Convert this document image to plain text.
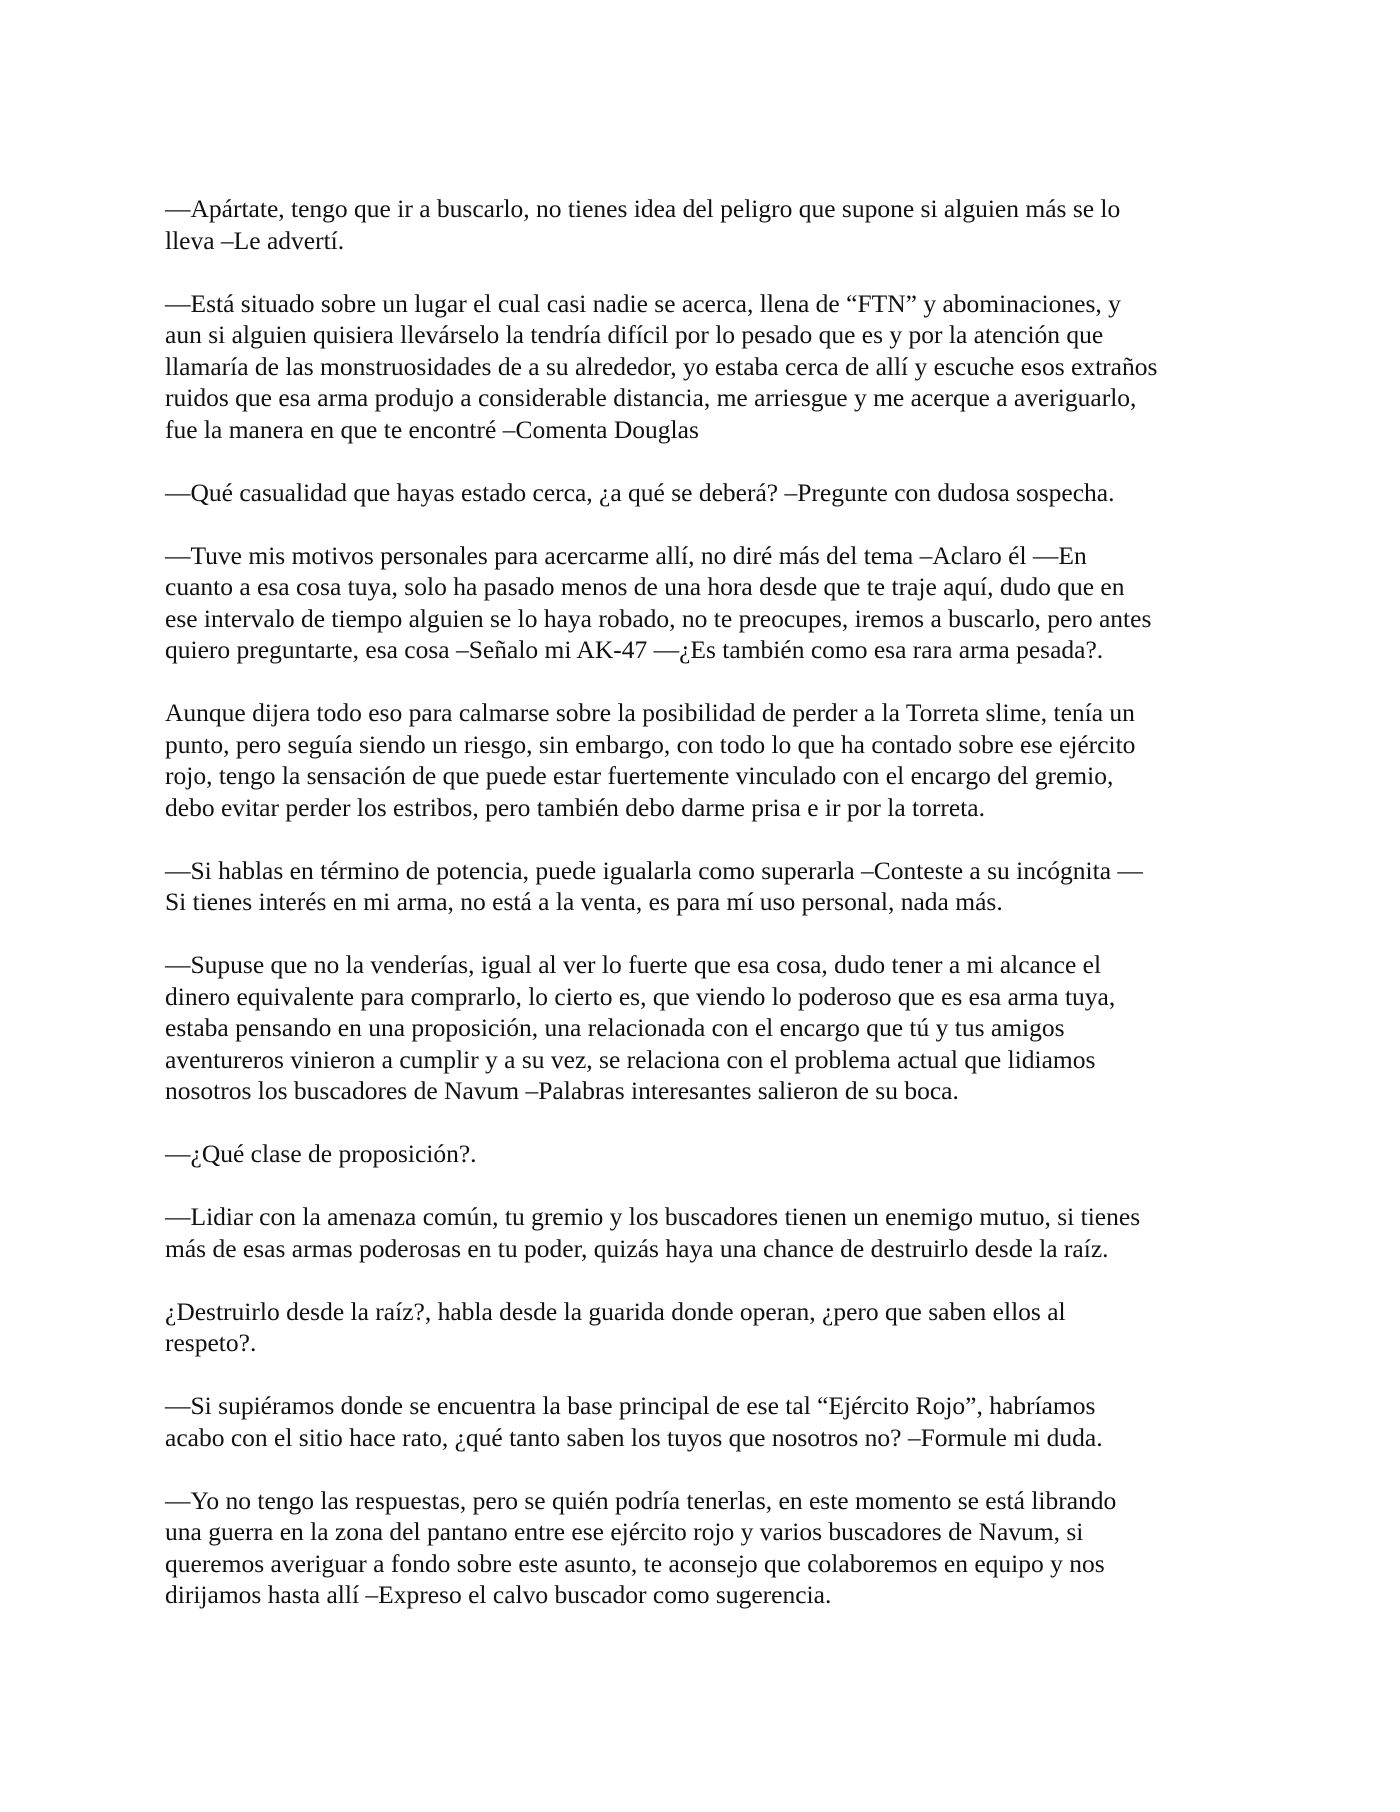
—Apártate, tengo que ir a buscarlo, no tienes idea del peligro que supone si alguien más se lo
lleva –Le advertí.

—Está situado sobre un lugar el cual casi nadie se acerca, llena de “FTN” y abominaciones, y
aun si alguien quisiera llevárselo la tendría difícil por lo pesado que es y por la atención que
llamaría de las monstruosidades de a su alrededor, yo estaba cerca de allí y escuche esos extraños
ruidos que esa arma produjo a considerable distancia, me arriesgue y me acerque a averiguarlo,
fue la manera en que te encontré –Comenta Douglas

—Qué casualidad que hayas estado cerca, ¿a qué se deberá? –Pregunte con dudosa sospecha.

—Tuve mis motivos personales para acercarme allí, no diré más del tema –Aclaro él —En
cuanto a esa cosa tuya, solo ha pasado menos de una hora desde que te traje aquí, dudo que en
ese intervalo de tiempo alguien se lo haya robado, no te preocupes, iremos a buscarlo, pero antes
quiero preguntarte, esa cosa –Señalo mi AK-47 —¿Es también como esa rara arma pesada?.

Aunque dijera todo eso para calmarse sobre la posibilidad de perder a la Torreta slime, tenía un
punto, pero seguía siendo un riesgo, sin embargo, con todo lo que ha contado sobre ese ejército
rojo, tengo la sensación de que puede estar fuertemente vinculado con el encargo del gremio,
debo evitar perder los estribos, pero también debo darme prisa e ir por la torreta.

—Si hablas en término de potencia, puede igualarla como superarla –Conteste a su incógnita —
Si tienes interés en mi arma, no está a la venta, es para mí uso personal, nada más.

—Supuse que no la venderías, igual al ver lo fuerte que esa cosa, dudo tener a mi alcance el
dinero equivalente para comprarlo, lo cierto es, que viendo lo poderoso que es esa arma tuya,
estaba pensando en una proposición, una relacionada con el encargo que tú y tus amigos
aventureros vinieron a cumplir y a su vez, se relaciona con el problema actual que lidiamos
nosotros los buscadores de Navum –Palabras interesantes salieron de su boca.

—¿Qué clase de proposición?.

—Lidiar con la amenaza común, tu gremio y los buscadores tienen un enemigo mutuo, si tienes
más de esas armas poderosas en tu poder, quizás haya una chance de destruirlo desde la raíz.

¿Destruirlo desde la raíz?, habla desde la guarida donde operan, ¿pero que saben ellos al
respeto?.

—Si supiéramos donde se encuentra la base principal de ese tal “Ejército Rojo”, habríamos
acabo con el sitio hace rato, ¿qué tanto saben los tuyos que nosotros no? –Formule mi duda.

—Yo no tengo las respuestas, pero se quién podría tenerlas, en este momento se está librando
una guerra en la zona del pantano entre ese ejército rojo y varios buscadores de Navum, si
queremos averiguar a fondo sobre este asunto, te aconsejo que colaboremos en equipo y nos
dirijamos hasta allí –Expreso el calvo buscador como sugerencia.
